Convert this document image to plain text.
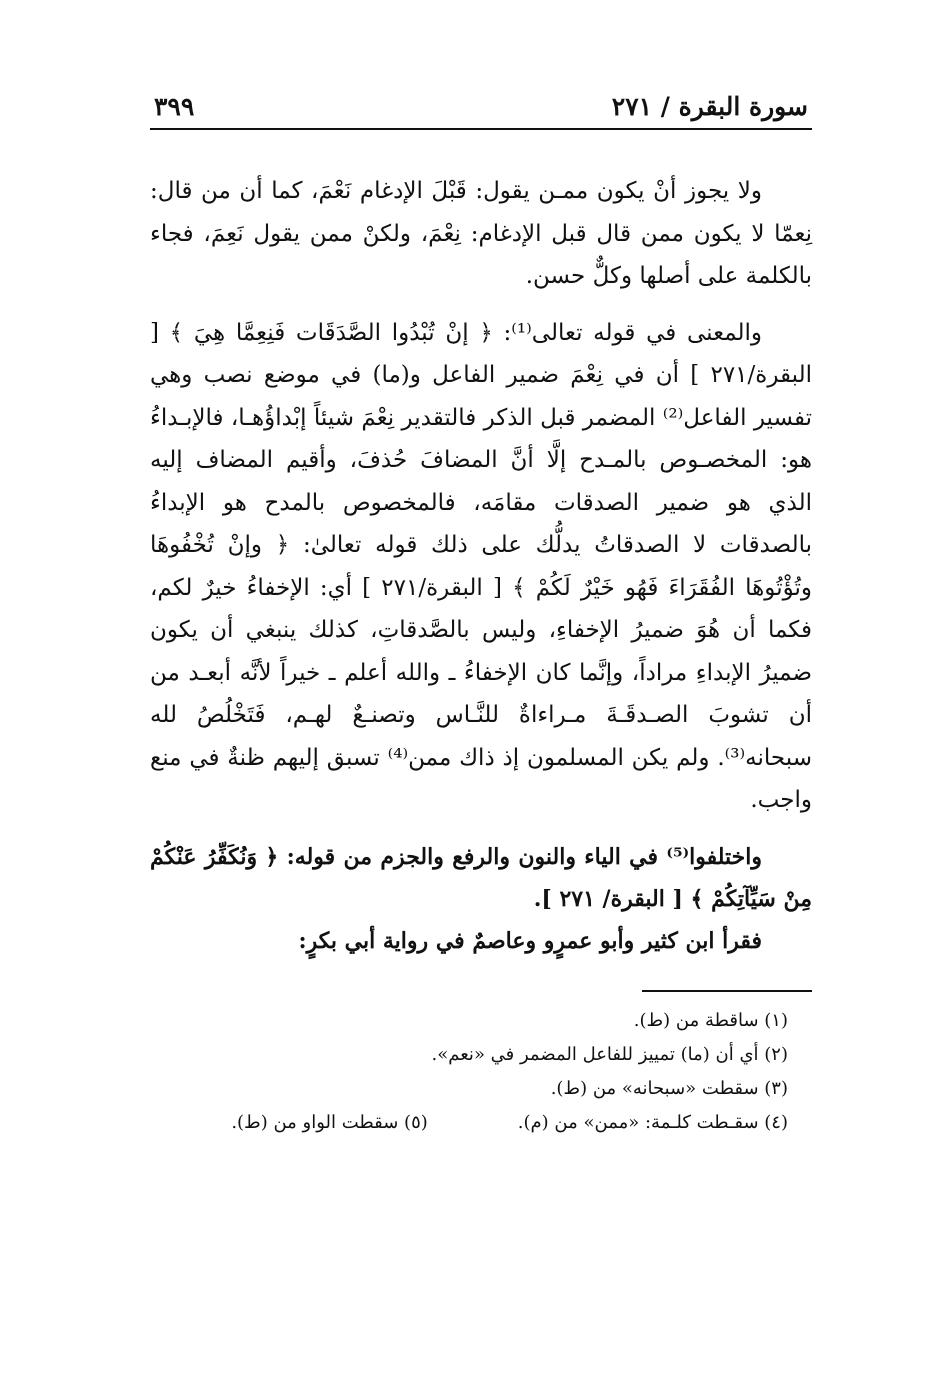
سورة البقرة / ٢٧١
٣٩٩

ولا يجوز أنْ يكون ممـن يقول: قَبْلَ الإدغام نَعْمَ، كما أن من قال: نِعمّا لا يكون ممن قال قبل الإدغام: نِعْمَ، ولكنْ ممن يقول نَعِمَ، فجاء بالكلمة على أصلها وكلٌّ حسن.

والمعنى في قوله تعالى⁽¹⁾: ﴿ إنْ تُبْدُوا الصَّدَقَات فَنِعِمَّا هِيَ ﴾ [ البقرة/٢٧١ ] أن في نِعْمَ ضمير الفاعل و(ما) في موضع نصب وهي تفسير الفاعل⁽²⁾ المضمر قبل الذكر فالتقدير نِعْمَ شيئاً إبْداؤُهـا، فالإبـداءُ هو: المخصـوص بالمـدح إلَّا أنَّ المضافَ حُذفَ، وأقيم المضاف إليه الذي هو ضمير الصدقات مقامَه، فالمخصوص بالمدح هو الإبداءُ بالصدقات لا الصدقاتُ يدلُّك على ذلك قوله تعالىٰ: ﴿ وإنْ تُخْفُوهَا وتُؤْتُوهَا الفُقَرَاءَ فَهُو خَيْرٌ لَكُمْ ﴾ [ البقرة/٢٧١ ] أي: الإخفاءُ خيرٌ لكم، فكما أن هُوَ ضميرُ الإخفاءِ، وليس بالصَّدقاتِ، كذلك ينبغي أن يكون ضميرُ الإبداءِ مراداً، وإنَّما كان الإخفاءُ ـ والله أعلم ـ خيراً لأنَّه أبعـد من أن تشوبَ الصـدقَـةَ مـراءاةٌ للنَّـاس وتصنـعٌ لهـم، فَتَخْلُصُ لله سبحانه⁽³⁾. ولم يكن المسلمون إذ ذاك ممن⁽⁴⁾ تسبق إليهم ظنةٌ في منع واجب.

واختلفوا⁽⁵⁾ في الياء والنون والرفع والجزم من قوله: ﴿ وَنُكَفِّرُ عَنْكُمْ مِنْ سَيِّآتِكُمْ ﴾ [ البقرة/ ٢٧١ ].

فقرأ ابن كثير وأبو عمرٍو وعاصمٌ في رواية أبي بكرٍ:

(١) ساقطة من (ط).
(٢) أي أن (ما) تمييز للفاعل المضمر في «نعم».
(٣) سقطت «سبحانه» من (ط).
(٤) سقـطت كلـمة: «ممن» من (م).
(٥) سقطت الواو من (ط).
